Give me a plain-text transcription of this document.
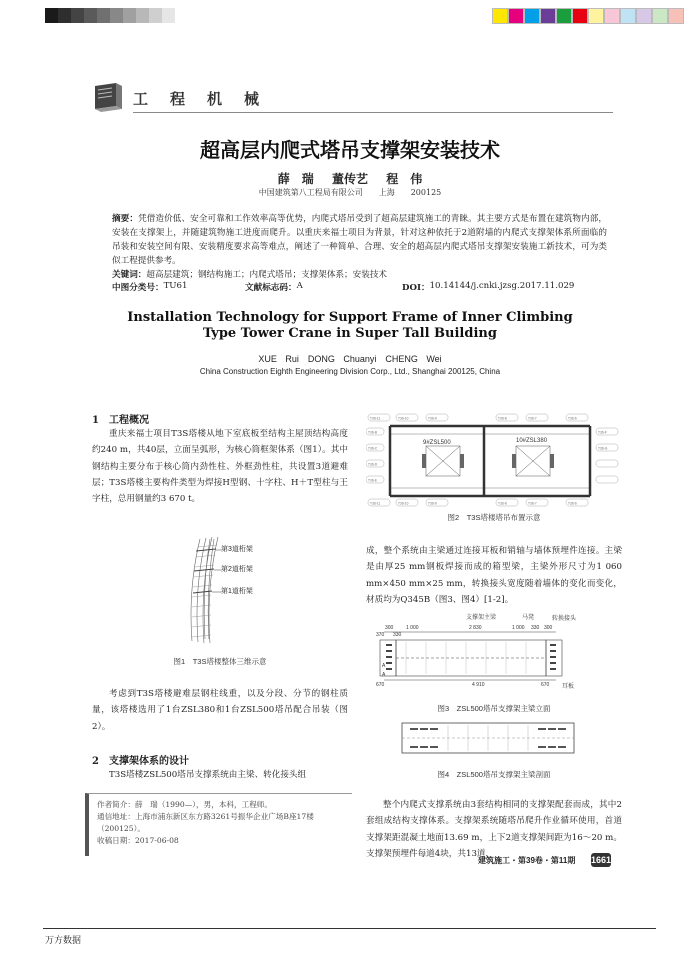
工程机械
超高层内爬式塔吊支撑架安装技术
薛　瑞 董传艺 程　伟
中国建筑第八工程局有限公司　　上海　　200125
摘要：凭借造价低、安全可靠和工作效率高等优势，内爬式塔吊受到了超高层建筑施工的青睐。其主要方式是布置在建筑物内部，安装在支撑架上，并随建筑物施工进度而爬升。以重庆来福士项目为背景，针对这种依托于2道附墙的内爬式支撑架体系所面临的吊装和安装空间有限、安装精度要求高等难点，阐述了一种简单、合理、安全的超高层内爬式塔吊支撑架安装施工新技术，可为类似工程提供参考。
关键词：超高层建筑；钢结构施工；内爬式塔吊；支撑架体系；安装技术
中图分类号： TU61	文献标志码： A	DOI： 10.14144/j.cnki.jzsg.2017.11.029
Installation Technology for Support Frame of Inner Climbing
Type Tower Crane in Super Tall Building
XUE Rui　DONG Chuanyi　CHENG Wei
China Construction Eighth Engineering Division Corp., Ltd., Shanghai 200125, China
1　工程概况
重庆来福士项目T3S塔楼从地下室底板至结构主屋顶结构高度约240 m，共40层，立面呈弧形，为核心筒框架体系（图1）。其中钢结构主要分布于核心筒内劲性柱、外框劲性柱，共设置3道避难层；T3S塔楼主要构件类型为焊接H型钢、十字柱、H＋T型柱与王字柱，总用钢量约3 670 t。
第3道桁架
第2道桁架
第1道桁架
图1　T3S塔楼整体三维示意
考虑到T3S塔楼避难层钢柱线重，以及分段、分节的钢柱质量，该塔楼选用了1台ZSL380和1台ZSL500塔吊配合吊装（图2）。
2　支撑架体系的设计
T3S塔楼ZSL500塔吊支撑系统由主梁、转化接头组
作者简介：薛　瑞（1990—），男，本科，工程师。
通信地址：上海市浦东新区东方路3261号振华企业广场B座17楼（200125）。
收稿日期：2017-06-08
9#ZSL500	10#ZSL380
T3S-11	T3S-10	T3S-9	T3S-8	T3S-7	T3S-6
T3S-11	T3S-10	T3S-9	T3S-8	T3S-7	T3S-6
T3S-B
T3S-C
T3S-D
T3S-E
T3S-F
T3S-G
图2　T3S塔楼塔吊布置示意
成，整个系统由主梁通过连接耳板和销轴与墙体预埋件连接。主梁是由厚25 mm钢板焊接而成的箱型梁，主梁外形尺寸为1 060 mm×450 mm×25 mm，转换接头宽度随着墙体的变化而变化，材质均为Q345B（图3、图4）[1-2]。
支撑架主梁	马凳	转换接头
耳板
300	1 000	2 830	1 000 330 300
370 330
670	4 910	670
A
A
图3　ZSL500塔吊支撑架主梁立面
图4　ZSL500塔吊支撑架主梁剖面
整个内爬式支撑系统由3套结构相同的支撑架配套而成，其中2套组成结构支撑体系。支撑架系统随塔吊爬升作业循环使用，首道支撑架距混凝土地面13.69 m，上下2道支撑架间距为16～20 m。支撑架预埋件每道4块，共13道，
建筑施工・第39卷・第11期 1661
万方数据
